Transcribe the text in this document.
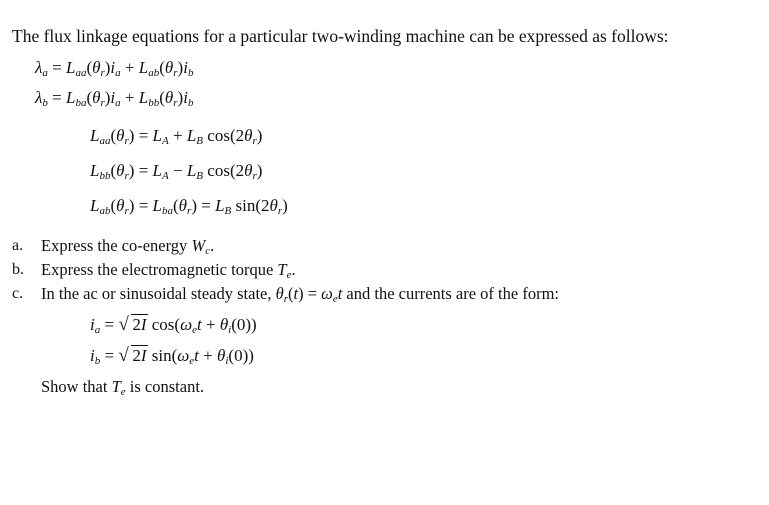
The flux linkage equations for a particular two-winding machine can be expressed as follows:
$\lambda_a = L_{aa}(\theta_r)i_a + L_{ab}(\theta_r)i_b$
$\lambda_b = L_{ba}(\theta_r)i_a + L_{bb}(\theta_r)i_b$
$L_{aa}(\theta_r) = L_A + L_B$ $\cos(2\theta_r)$
$L_{bb}(\theta_r) = L_A - L_B$ $\cos(2\theta_r)$
$L_{ab}(\theta_r) = L_{ba}(\theta_r) = L_B$ $\sin(2\theta_r)$
a. Express the co-energy $W_c$.
b. Express the electromagnetic torque $T_e$.
c. In the ac or sinusoidal steady state, $\theta_r(t) = \omega_et$ and the currents are of the form:
$i_a$ = √ 2I $\cos(\omega_et + \theta_i(0))$
$i_b$ = √ 2I $\sin(\omega_et + \theta_i(0))$
Show that $T_e$ is constant.
